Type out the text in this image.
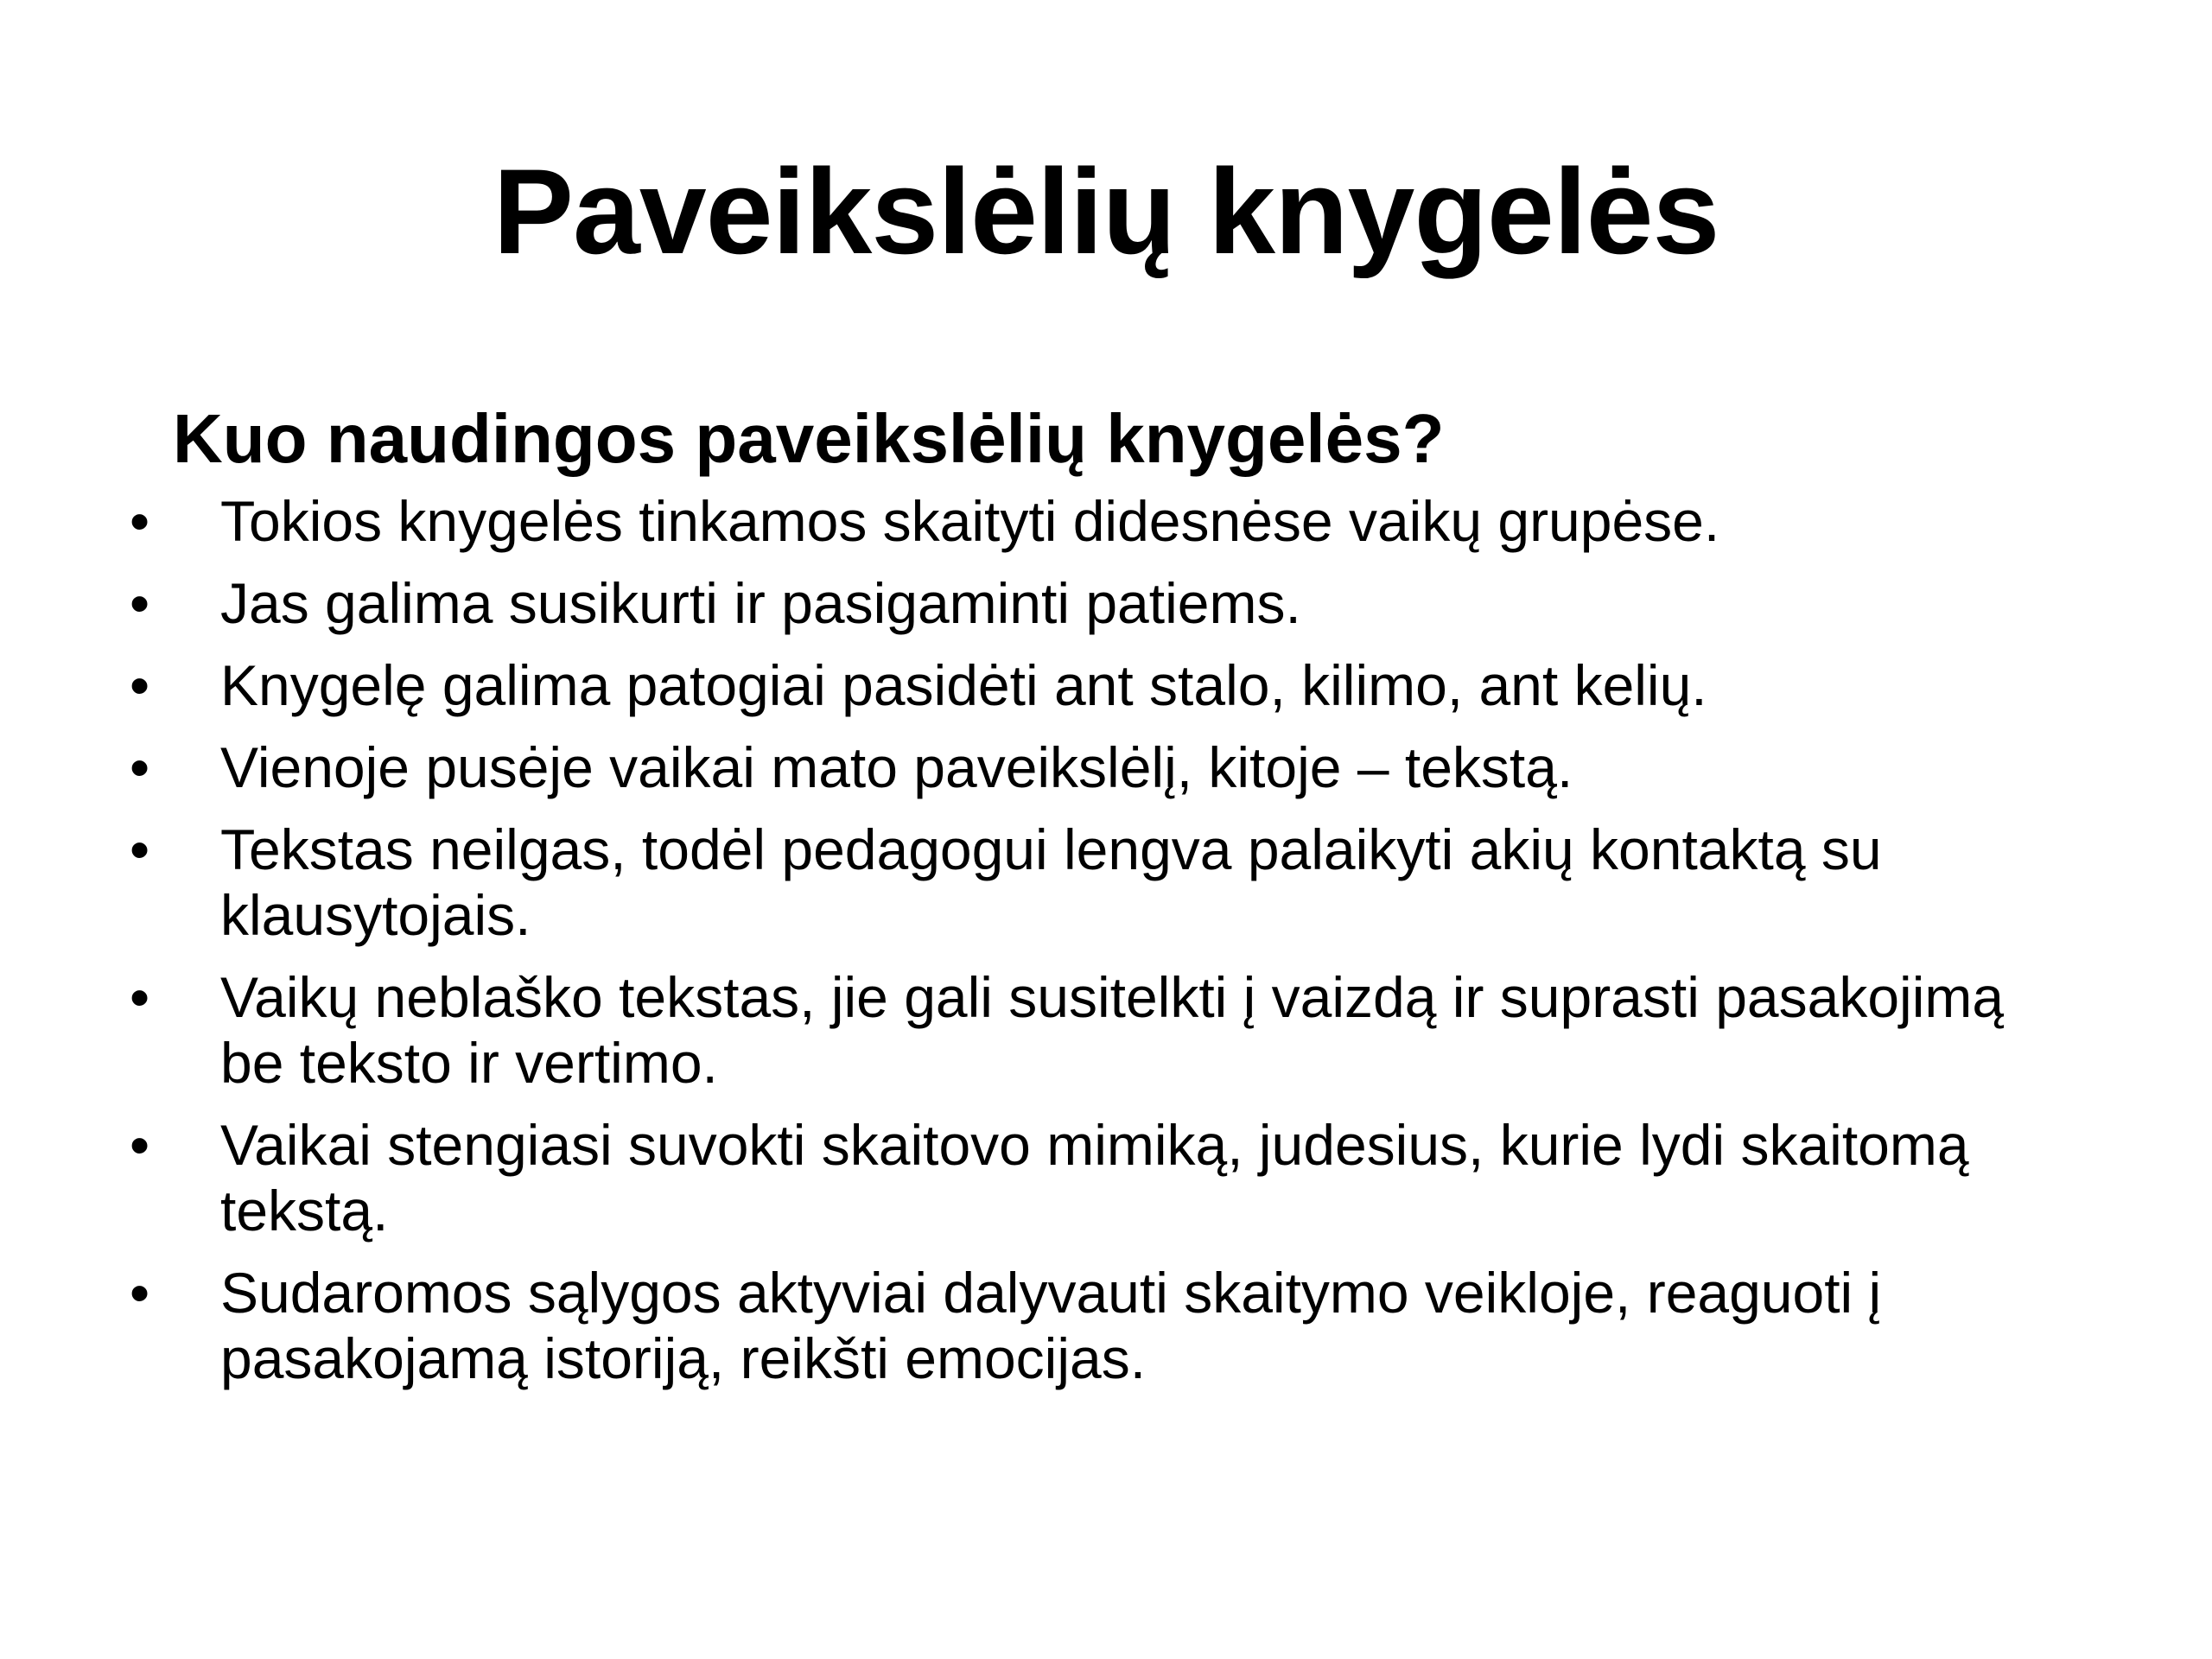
Paveikslėlių knygelės
Kuo naudingos paveikslėlių knygelės?
• Tokios knygelės tinkamos skaityti didesnėse vaikų grupėse.
• Jas galima susikurti ir pasigaminti patiems.
• Knygelę galima patogiai pasidėti ant stalo, kilimo, ant kelių.
• Vienoje pusėje vaikai mato paveikslėlį, kitoje – tekstą.
• Tekstas neilgas, todėl pedagogui lengva palaikyti akių kontaktą su klausytojais.
• Vaikų neblaško tekstas, jie gali susitelkti į vaizdą ir suprasti pasakojimą be teksto ir vertimo.
• Vaikai stengiasi suvokti skaitovo mimiką, judesius, kurie lydi skaitomą tekstą.
• Sudaromos sąlygos aktyviai dalyvauti skaitymo veikloje, reaguoti į pasakojamą istoriją, reikšti emocijas.
